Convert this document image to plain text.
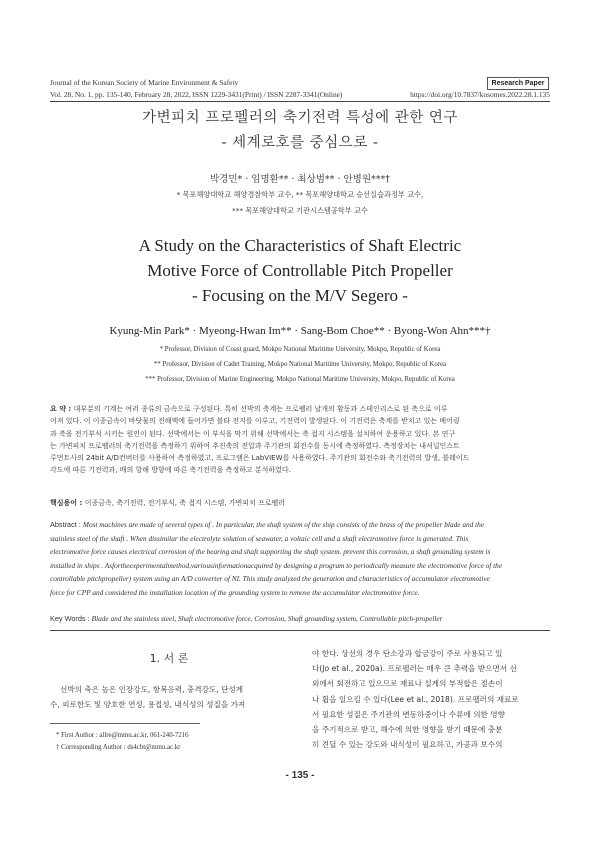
Journal of the Korean Society of Marine Environment & Safety	Research Paper
Vol. 28, No. 1, pp. 135-140, February 28, 2022, ISSN 1229-3431(Print) / ISSN 2287-3341(Online)	https://doi.org/10.7837/kosomes.2022.28.1.135
가변피치 프로펠러의 축기전력 특성에 관한 연구
- 세계로호를 중심으로 -
박경민* · 임명환** · 최상범** · 안병원***†
* 목포해양대학교 해양경찰학부 교수, ** 목포해양대학교 승선실습과정부 교수,
*** 목포해양대학교 기관시스템공학부 교수
A Study on the Characteristics of Shaft Electric
Motive Force of Controllable Pitch Propeller
- Focusing on the M/V Segero -
Kyung-Min Park* · Myeong-Hwan Im** · Sang-Bom Choe** · Byong-Won Ahn***†
* Professor, Division of Coast guard, Mokpo National Maritime University, Mokpo, Republic of Korea
** Professor, Division of Cadet Training, Mokpo National Maritime University, Mokpo, Republic of Korea
*** Professor, Division of Marine Engineering, Mokpo National Maritime University, Mokpo, Republic of Korea
요 약 : 대부분의 기계는 여러 종류의 금속으로 구성된다. 특히 선박의 축계는 프로펠러 날개의 황동과 스테인리스로 된 축으로 이루
어져 있다. 이 이종금속이 바닷물의 전해액에 들어가면 볼타 전지를 이루고, 기전력이 발생된다. 이 기전력은 축계를 받치고 있는 베어링
과 축을 전기부식 시키는 원인이 된다. 선박에서는 이 부식을 막기 위해 선박에서는 축 접지 시스템을 설치하여 운용하고 있다. 본 연구
는 가변피치 프로펠러의 축기전력을 측정하기 위하여 추진축의 전압과 주기관의 회전수를 동시에 측정하였다. 측정장치는 내셔널인스트
루먼트사의 24bit A/D컨버터를 사용하여 측정하였고, 프로그램은 LabVIEW를 사용하였다. 주기관의 회전수와 축기전력의 발생, 블레이드
각도에 따른 기전력과, 배의 항해 방향에 따른 축기전력을 측정하고 분석하였다.
핵심용어 : 이종금속, 축기전력, 전기부식, 축 접지 시스템, 가변피치 프로펠러
Abstract : Most machines are made of several types of . In particular, the shaft system of the ship consists of the brass of the propeller blade and the
stainless steel of the shaft . When dissimilar the electrolyte solution of seawater, a voltaic cell and a shaft electromotive force is generated. This
electromotive force causes electrical corrosion of the bearing and shaft supporting the shaft system. prevent this corrosion, a shaft grounding system is
installed in ships . Asfortheexperimentalmethod,variousinformationacquired by designing a program to periodically measure the electromotive force of the
controllable pitchpropeller) system using an A/D converter of NI. This study analyzed the generation and characteristics of accumulator electromotive
force for CPP and considered the installation location of the grounding system to remove the accumulator electromotive force.
Key Words : Blade and the stainless steel, Shaft electromotive force, Corrosion, Shaft grounding system, Controllable pitch-propeller
1. 서 론
선박의 축은 높은 인장강도, 항복응력, 충격강도, 단성계
수, 피로한도 및 양호한 연성, 용접성, 내식성의 성질을 가져
* First Author : allre@mmu.ac.kr, 061-240-7216
† Corresponding Author : ds4cbt@mmu.ac.kr
야 한다. 상선의 경우 탄소강과 합금강이 주로 사용되고 있
다(Jo et al., 2020a). 프로펠러는 매우 큰 추력을 받으면서 선
외에서 회전하고 있으므로 재료나 설계의 부적합은 절손이
나 휨을 일으킬 수 있다(Lee et al., 2018). 프로펠러의 재료로
서 필요한 성질은 주기관의 변동하중이나 수류에 의한 영향
을 주기적으로 받고, 해수에 의한 영향을 받기 때문에 충분
히 견딜 수 있는 강도와 내식성이 필요하고, 가공과 보수의
- 135 -
